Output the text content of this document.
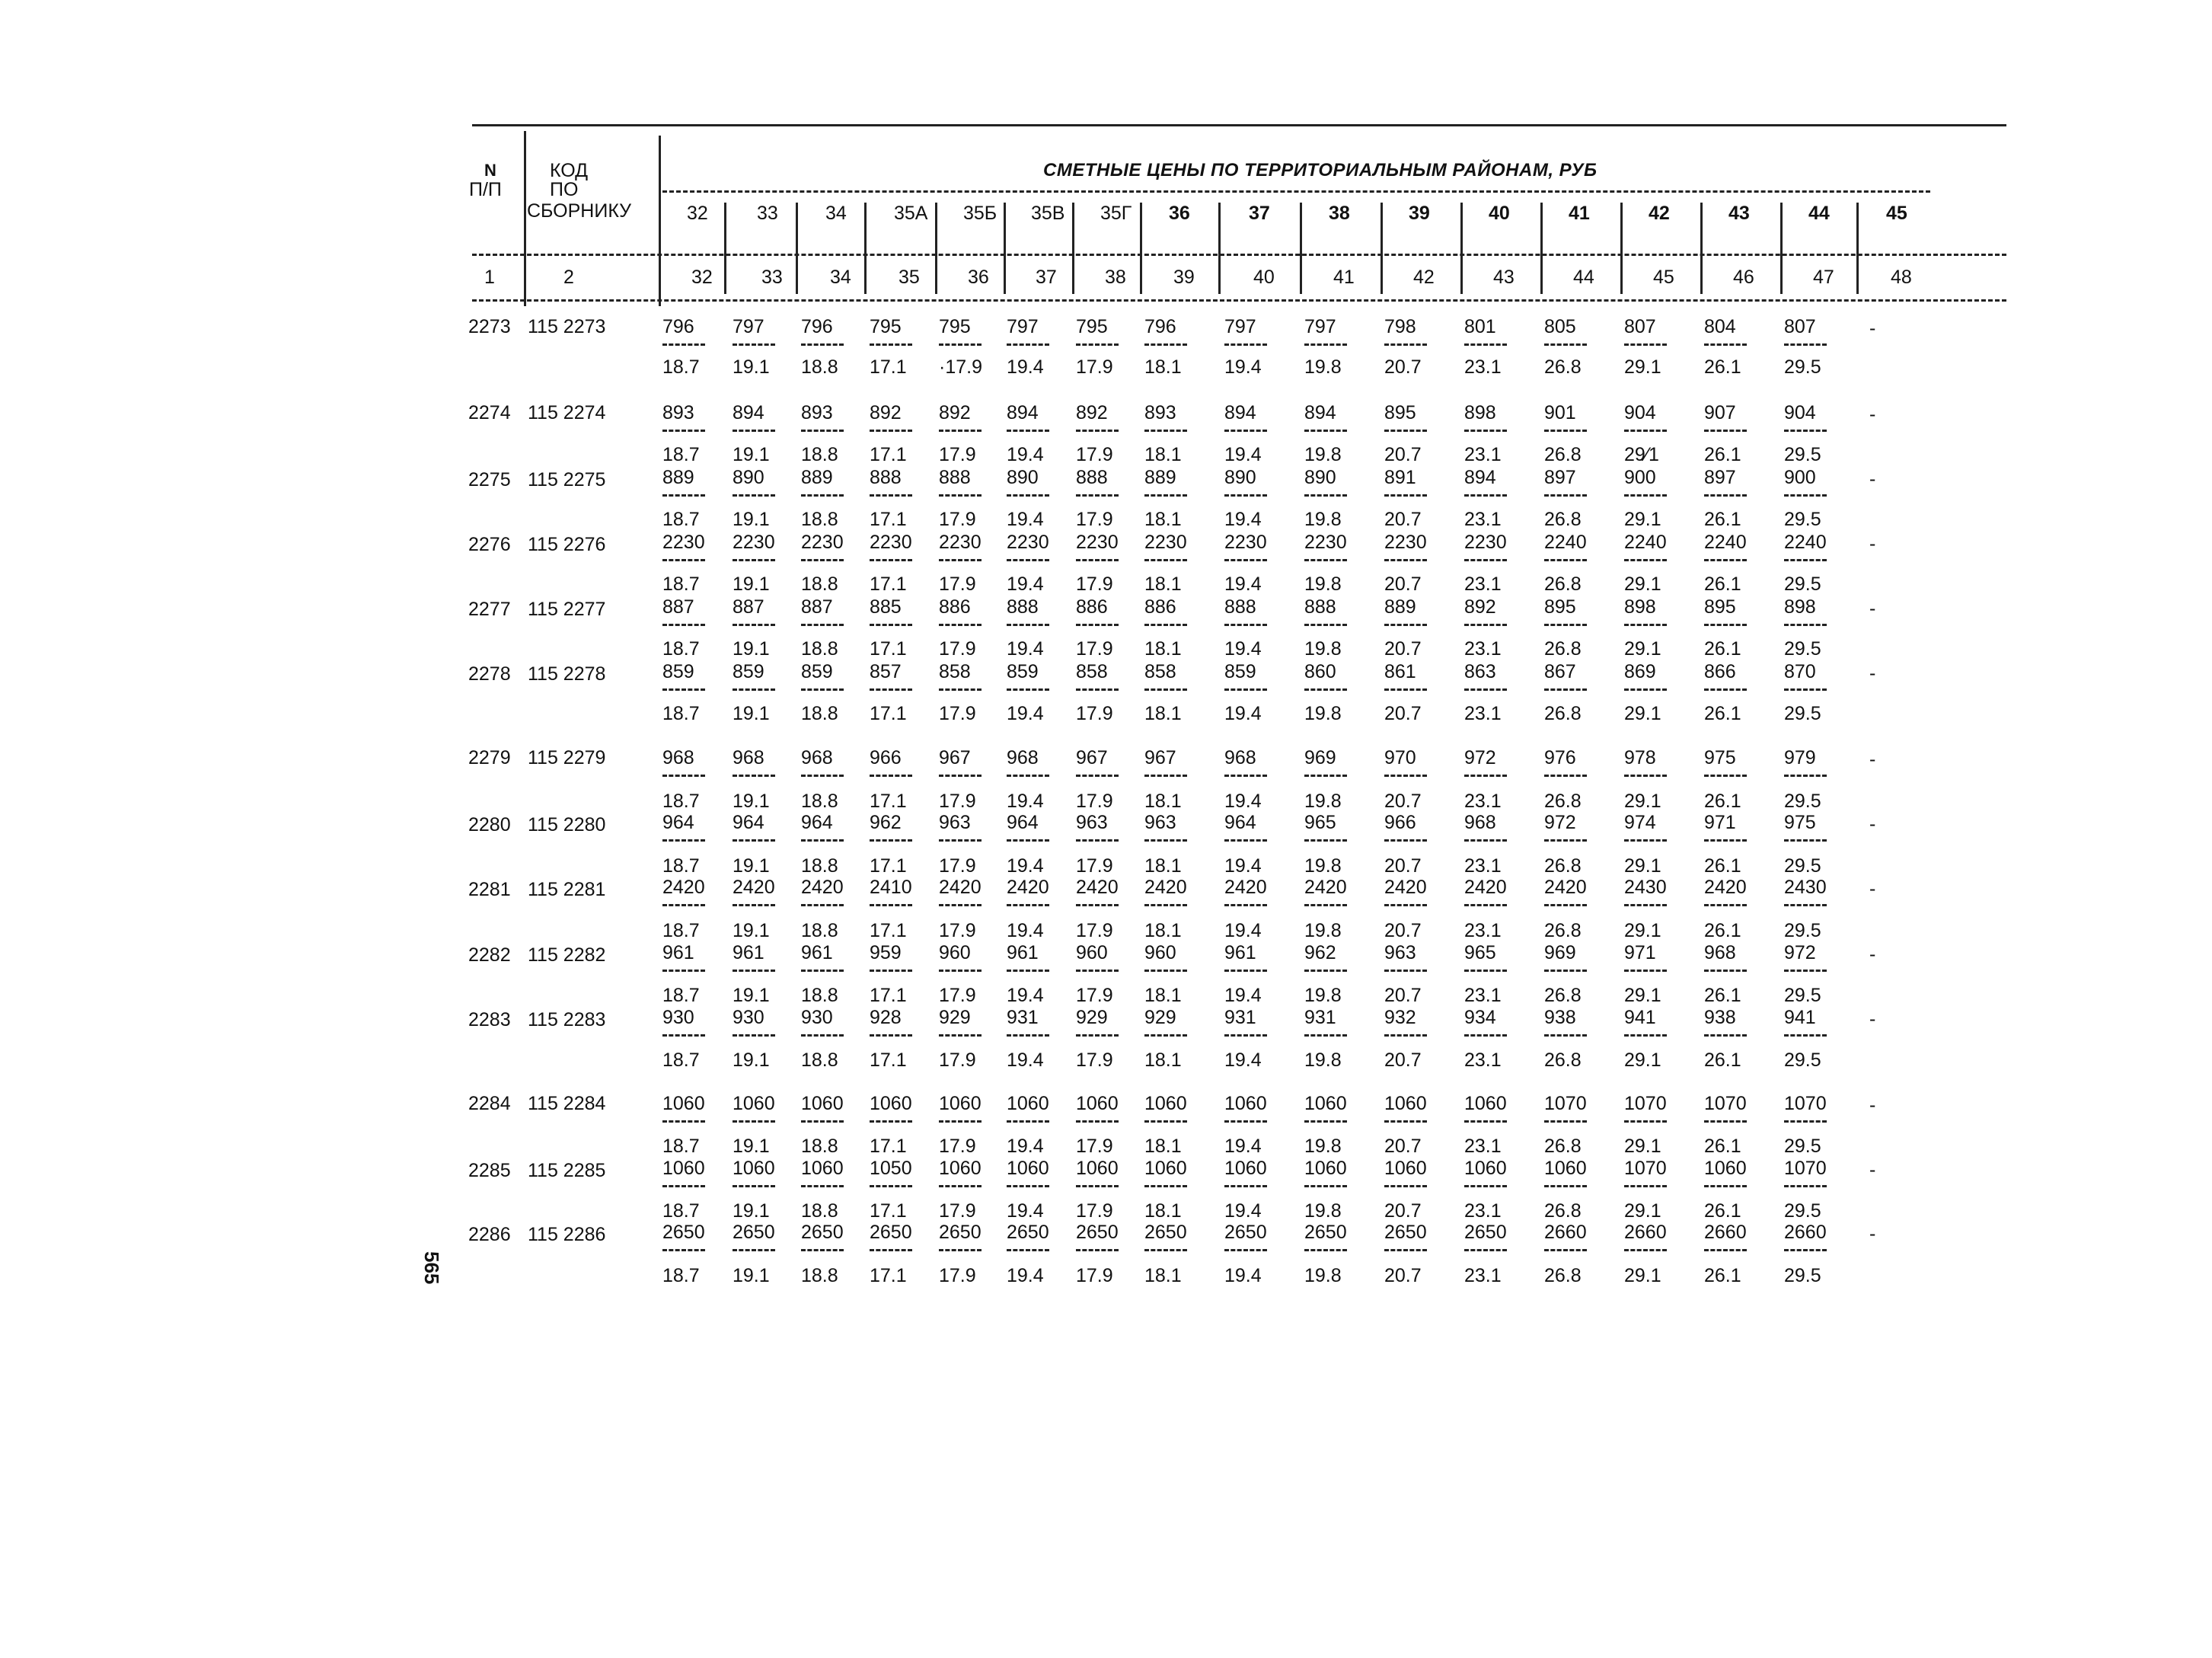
N
П/П
КОД
ПО
СБОРНИКУ
СМЕТНЫЕ ЦЕНЫ ПО ТЕРРИТОРИАЛЬНЫМ РАЙОНАМ, РУБ
32	33 34 35А 35Б 35В 35Г 36	37	38	39	40	41	42	43	44	45
1	2	32	33 34 35	36 37	38 39	40	41	42	43	44	45	46	47	48
2273 115 2273	796 797 796 795 795 797 795 796	797	797	798	801	805	807	804	807	-
18.7 19.1 18.8 17.1 ·17.9 19.4 17.9 18.1 19.4 19.8 20.7 23.1 26.8 29.1 26.1 29.5
2274 115 2274	893 894 893 892 892 894 892 893	894	894	895	898	901	904	907	904	-
18.7 19.1 18.8 17.1 17.9 19.4 17.9 18.1 19.4 19.8 20.7 23.1 26.8 29⁄1 26.1 29.5
2275 115 2275	889 890 889 888 888 890 888 889	890	890	891	894	897	900	897	900	-
18.7 19.1 18.8 17.1 17.9 19.4 17.9 18.1 19.4 19.8 20.7 23.1 26.8 29.1 26.1 29.5
2276 115 2276	2230 2230 2230 2230 2230 2230 2230 2230 2230 2230 2230 2230 2240 2240 2240 2240 -
18.7 19.1 18.8 17.1 17.9 19.4 17.9 18.1 19.4 19.8 20.7 23.1 26.8 29.1 26.1 29.5
2277 115 2277	887 887 887 885 886 888 886 886	888	888	889	892	895	898	895	898	-
18.7 19.1 18.8 17.1 17.9 19.4 17.9 18.1 19.4 19.8 20.7 23.1 26.8 29.1 26.1 29.5
2278 115 2278	859 859 859 857 858 859 858 858	859	860	861	863	867	869	866	870	-
18.7 19.1 18.8 17.1 17.9 19.4 17.9 18.1 19.4 19.8 20.7 23.1 26.8 29.1 26.1 29.5
2279 115 2279	968 968 968 966 967 968 967 967	968	969	970	972	976	978	975	979	-
18.7 19.1 18.8 17.1 17.9 19.4 17.9 18.1 19.4 19.8 20.7 23.1 26.8 29.1 26.1 29.5
2280 115 2280	964 964 964 962 963 964 963 963	964	965	966	968	972	974	971	975	-
18.7 19.1 18.8 17.1 17.9 19.4 17.9 18.1 19.4 19.8 20.7 23.1 26.8 29.1 26.1 29.5
2281 115 2281	2420 2420 2420 2410 2420 2420 2420 2420 2420 2420 2420 2420 2420 2430 2420 2430 -
18.7 19.1 18.8 17.1 17.9 19.4 17.9 18.1 19.4 19.8 20.7 23.1 26.8 29.1 26.1 29.5
2282 115 2282	961 961 961 959 960 961 960 960	961	962	963	965	969	971	968	972	-
18.7 19.1 18.8 17.1 17.9 19.4 17.9 18.1 19.4 19.8 20.7 23.1 26.8 29.1 26.1 29.5
2283 115 2283	930 930 930 928 929 931 929 929	931	931	932	934	938	941	938	941	-
18.7 19.1 18.8 17.1 17.9 19.4 17.9 18.1 19.4 19.8 20.7 23.1 26.8 29.1 26.1 29.5
2284 115 2284	1060 1060 1060 1060 1060 1060 1060 1060 1060 1060 1060 1060 1070 1070 1070 1070 -
18.7 19.1 18.8 17.1 17.9 19.4 17.9 18.1 19.4 19.8 20.7 23.1 26.8 29.1 26.1 29.5
2285 115 2285	1060 1060 1060 1050 1060 1060 1060 1060 1060 1060 1060 1060 1060 1070 1060 1070 -
18.7 19.1 18.8 17.1 17.9 19.4 17.9 18.1 19.4 19.8 20.7 23.1 26.8 29.1 26.1 29.5
2286 115 2286	2650 2650 2650 2650 2650 2650 2650 2650 2650 2650 2650 2650 2660 2660 2660 2660 -
18.7 19.1 18.8 17.1 17.9 19.4 17.9 18.1 19.4 19.8 20.7 23.1 26.8 29.1 26.1 29.5
565
